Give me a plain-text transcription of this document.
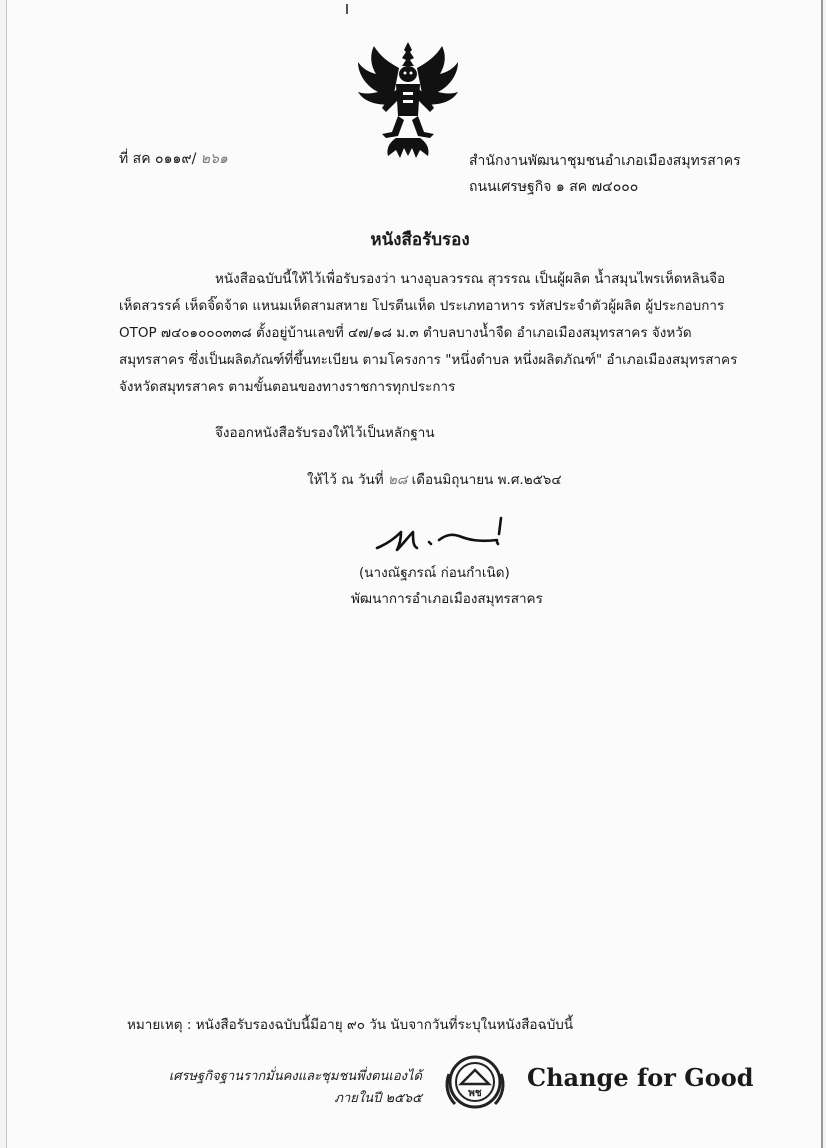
ที่ สค ๐๑๑๙/ ๒๖๑	สำนักงานพัฒนาชุมชนอำเภอเมืองสมุทรสาคร
ถนนเศรษฐกิจ ๑ สค ๗๔๐๐๐
หนังสือรับรอง
หนังสือฉบับนี้ให้ไว้เพื่อรับรองว่า นางอุบลวรรณ สุวรรณ เป็นผู้ผลิต น้ำสมุนไพรเห็ดหลินจือ
เห็ดสวรรค์ เห็ดจิ๊ดจ้าด แหนมเห็ดสามสหาย โปรตีนเห็ด ประเภทอาหาร รหัสประจำตัวผู้ผลิต ผู้ประกอบการ
OTOP ๗๔๐๑๐๐๐๓๓๘ ตั้งอยู่บ้านเลขที่ ๔๗/๑๘ ม.๓ ตำบลบางน้ำจืด อำเภอเมืองสมุทรสาคร จังหวัด
สมุทรสาคร ซึ่งเป็นผลิตภัณฑ์ที่ขึ้นทะเบียน ตามโครงการ "หนึ่งตำบล หนึ่งผลิตภัณฑ์" อำเภอเมืองสมุทรสาคร
จังหวัดสมุทรสาคร ตามขั้นตอนของทางราชการทุกประการ
จึงออกหนังสือรับรองให้ไว้เป็นหลักฐาน
ให้ไว้ ณ วันที่ ๒๘ เดือนมิถุนายน พ.ศ.๒๕๖๔
(นางณัฐภรณ์ ก่อนกำเนิด)
พัฒนาการอำเภอเมืองสมุทรสาคร
หมายเหตุ : หนังสือรับรองฉบับนี้มีอายุ ๙๐ วัน นับจากวันที่ระบุในหนังสือฉบับนี้
เศรษฐกิจฐานรากมั่นคงและชุมชนพึ่งตนเองได้
ภายในปี ๒๕๖๕	พช
Change for Good
